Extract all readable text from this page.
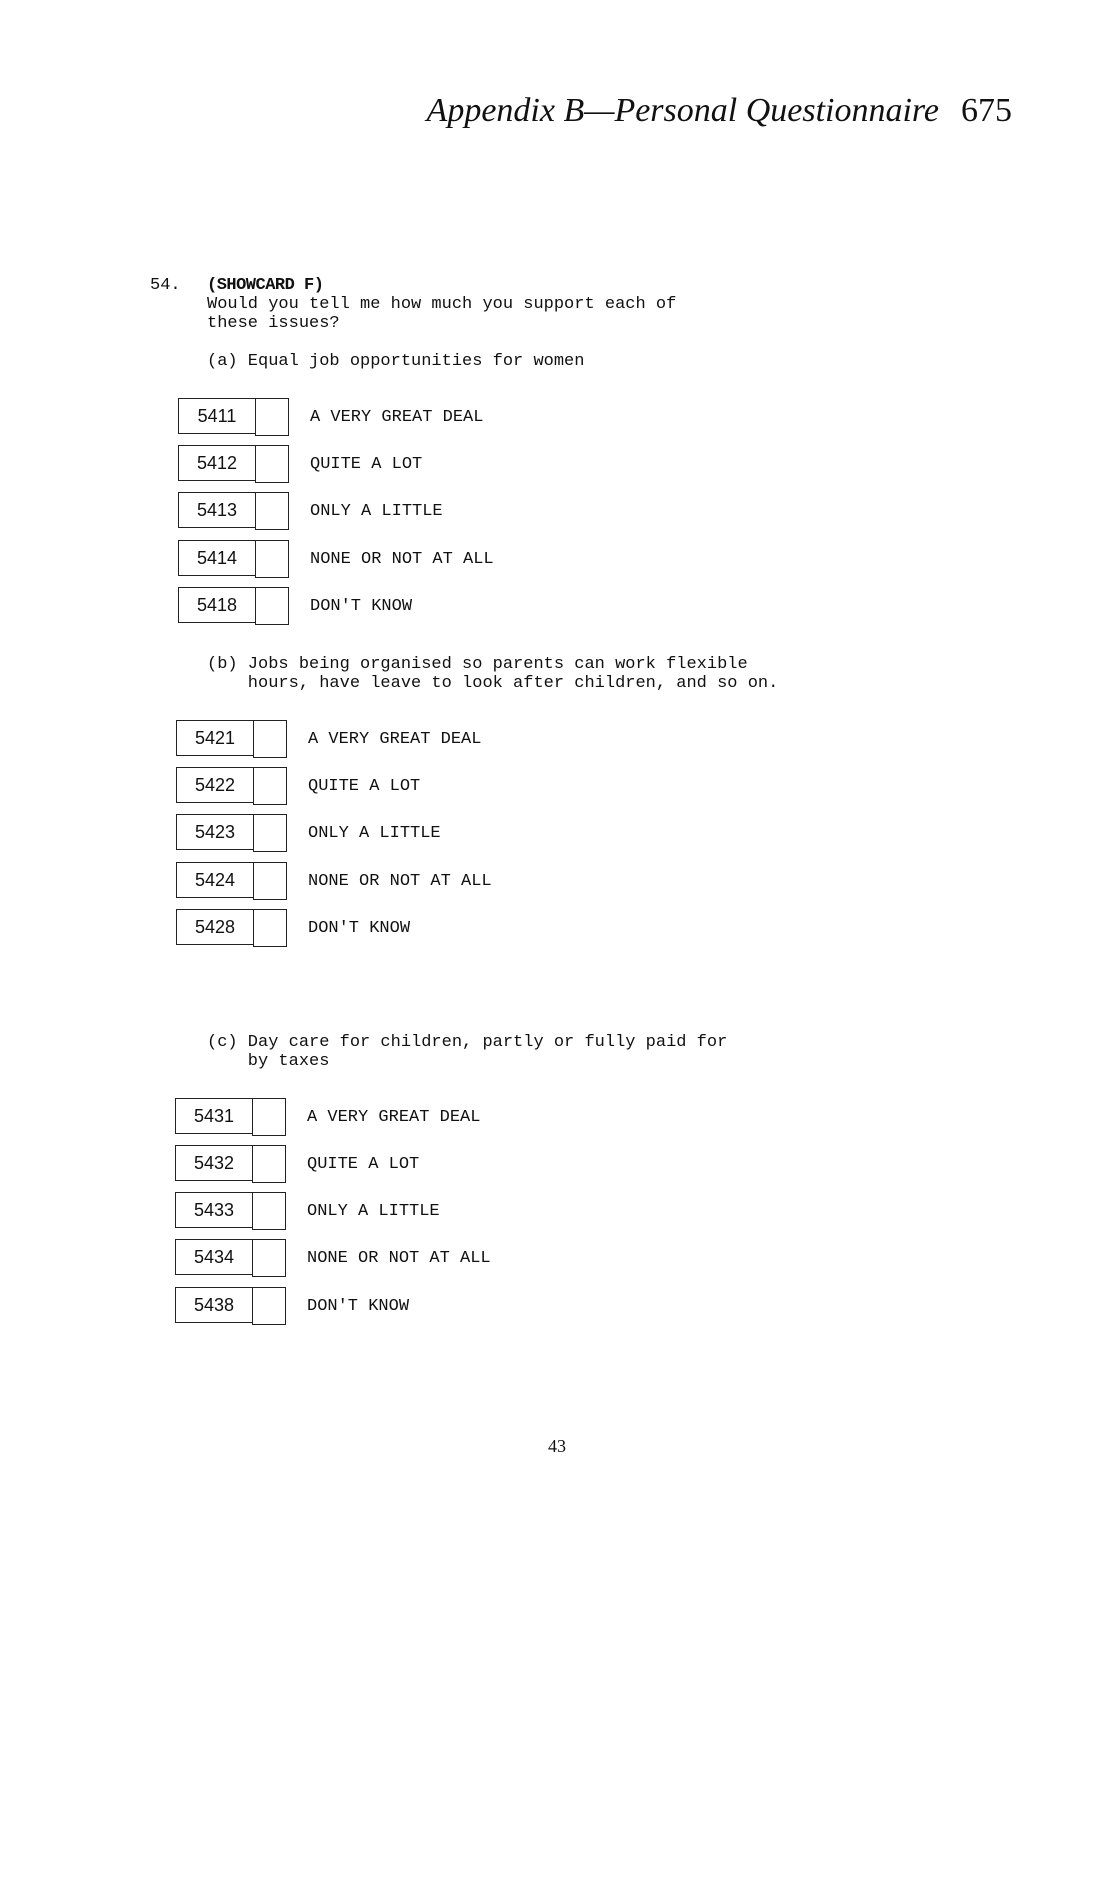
Appendix B—Personal Questionnaire 675
54. (SHOWCARD F)
Would you tell me how much you support each of
these issues?
(a) Equal job opportunities for women
5411	A VERY GREAT DEAL
5412	QUITE A LOT
5413	ONLY A LITTLE
5414	NONE OR NOT AT ALL
5418	DON'T KNOW
(b) Jobs being organised so parents can work flexible
hours, have leave to look after children, and so on.
5421	A VERY GREAT DEAL
5422	QUITE A LOT
5423	ONLY A LITTLE
5424	NONE OR NOT AT ALL
5428	DON'T KNOW
(c) Day care for children, partly or fully paid for
by taxes
5431	A VERY GREAT DEAL
5432	QUITE A LOT
5433	ONLY A LITTLE
5434	NONE OR NOT AT ALL
5438	DON'T KNOW
43
